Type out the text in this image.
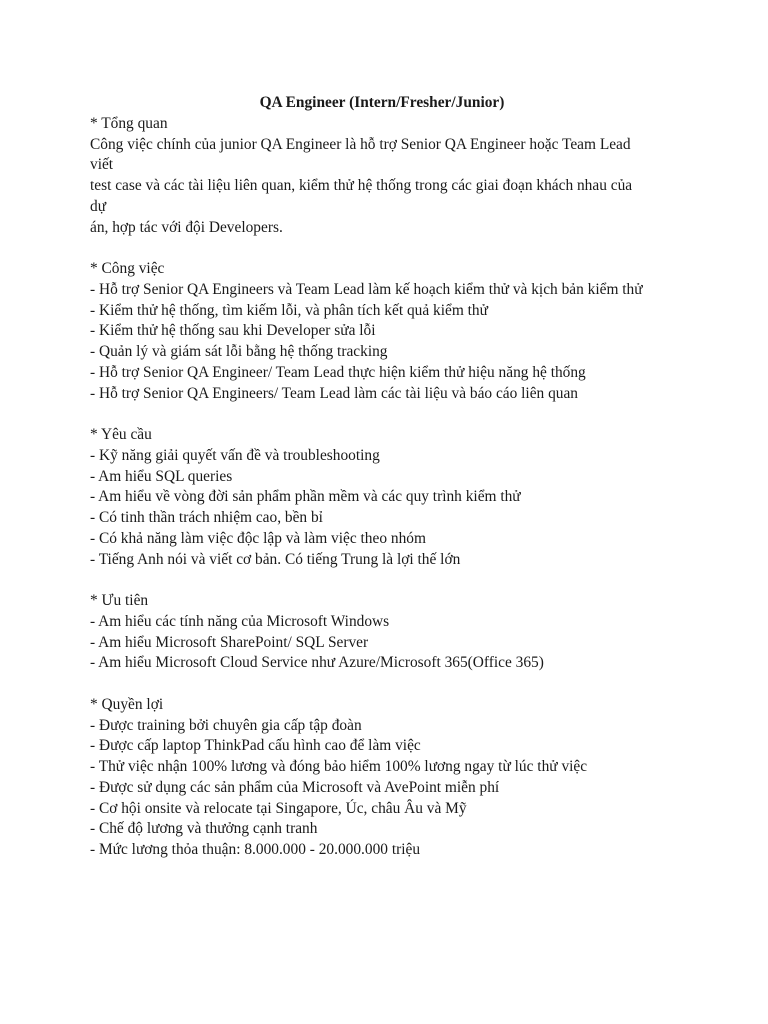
QA Engineer (Intern/Fresher/Junior)
* Tổng quan
Công việc chính của junior QA Engineer là hỗ trợ Senior QA Engineer hoặc Team Lead
viết
test case và các tài liệu liên quan, kiểm thử hệ thống trong các giai đoạn khách nhau của
dự
án, hợp tác với đội Developers.
* Công việc
- Hỗ trợ Senior QA Engineers và Team Lead làm kế hoạch kiểm thử và kịch bản kiểm thử
- Kiểm thử hệ thống, tìm kiếm lỗi, và phân tích kết quả kiểm thử
- Kiểm thử hệ thống sau khi Developer sửa lỗi
- Quản lý và giám sát lỗi bằng hệ thống tracking
- Hỗ trợ Senior QA Engineer/ Team Lead thực hiện kiểm thử hiệu năng hệ thống
- Hỗ trợ Senior QA Engineers/ Team Lead làm các tài liệu và báo cáo liên quan
* Yêu cầu
- Kỹ năng giải quyết vấn đề và troubleshooting
- Am hiểu SQL queries
- Am hiểu về vòng đời sản phẩm phần mềm và các quy trình kiểm thử
- Có tinh thần trách nhiệm cao, bền bỉ
- Có khả năng làm việc độc lập và làm việc theo nhóm
- Tiếng Anh nói và viết cơ bản. Có tiếng Trung là lợi thế lớn
* Ưu tiên
- Am hiểu các tính năng của Microsoft Windows
- Am hiểu Microsoft SharePoint/ SQL Server
- Am hiểu Microsoft Cloud Service như Azure/Microsoft 365(Office 365)
* Quyền lợi
- Được training bởi chuyên gia cấp tập đoàn
- Được cấp laptop ThinkPad cấu hình cao để làm việc
- Thử việc nhận 100% lương và đóng bảo hiểm 100% lương ngay từ lúc thử việc
- Được sử dụng các sản phẩm của Microsoft và AvePoint miễn phí
- Cơ hội onsite và relocate tại Singapore, Úc, châu Âu và Mỹ
- Chế độ lương và thưởng cạnh tranh
- Mức lương thỏa thuận: 8.000.000 - 20.000.000 triệu
